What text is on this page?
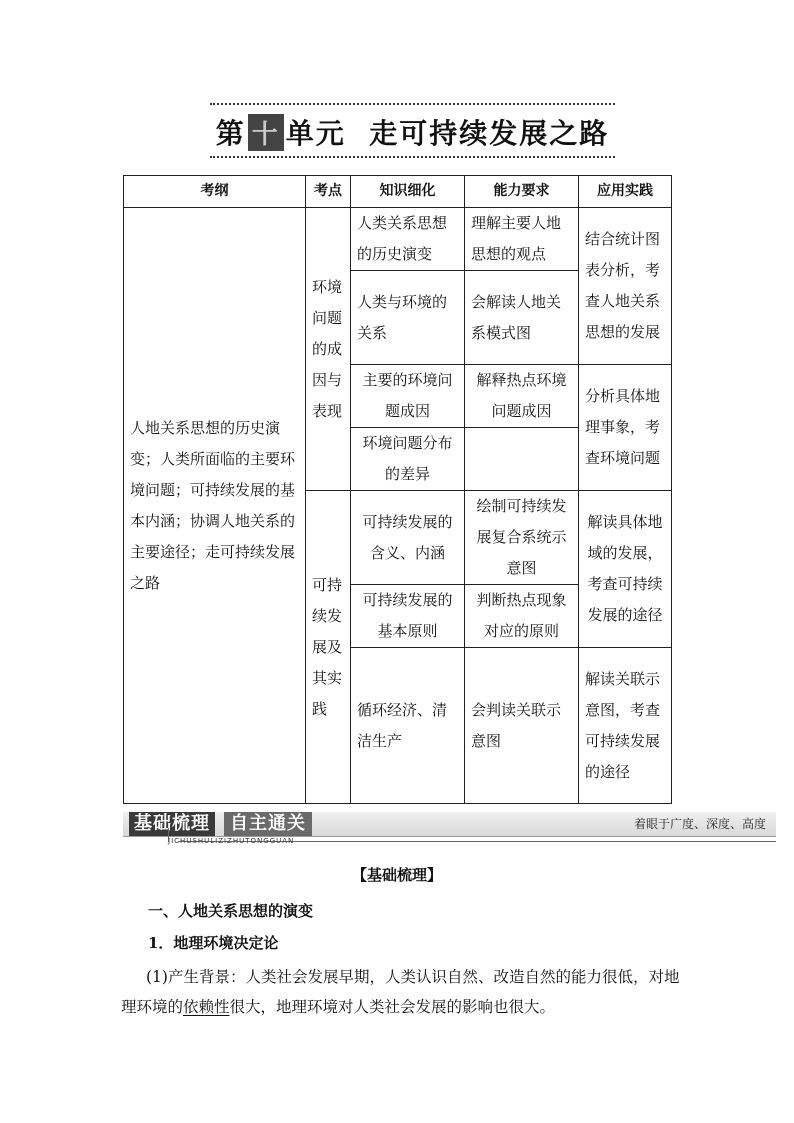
第 十 单元 走可持续发展之路
考纲	考点	知识细化	能力要求	应用实践
人地关系思想的历史演变；人类所面临的主要环境问题；可持续发展的基本内涵；协调人地关系的主要途径；走可持续发展之路	环境问题的成因与表现	人类关系思想的历史演变	理解主要人地思想的观点	结合统计图表分析，考查人地关系思想的发展
		人类与环境的关系	会解读人地关系模式图	
		主要的环境问题成因	解释热点环境问题成因	分析具体地理事象，考查环境问题
		环境问题分布的差异		
	可持续发展及其实践	可持续发展的含义、内涵	绘制可持续发展复合系统示意图	解读具体地域的发展，考查可持续发展的途径
		可持续发展的基本原则	判断热点现象对应的原则	
		循环经济、清洁生产	会判读关联示意图	解读关联示意图，考查可持续发展的途径
基础梳理	自主通关	着眼于广度、深度、高度
JICHUSHULIZIZHUTONGGUAN
【基础梳理】
一、人地关系思想的演变
1．地理环境决定论
(1)产生背景：人类社会发展早期，人类认识自然、改造自然的能力很低，对地理环境的依赖性很大，地理环境对人类社会发展的影响也很大。
